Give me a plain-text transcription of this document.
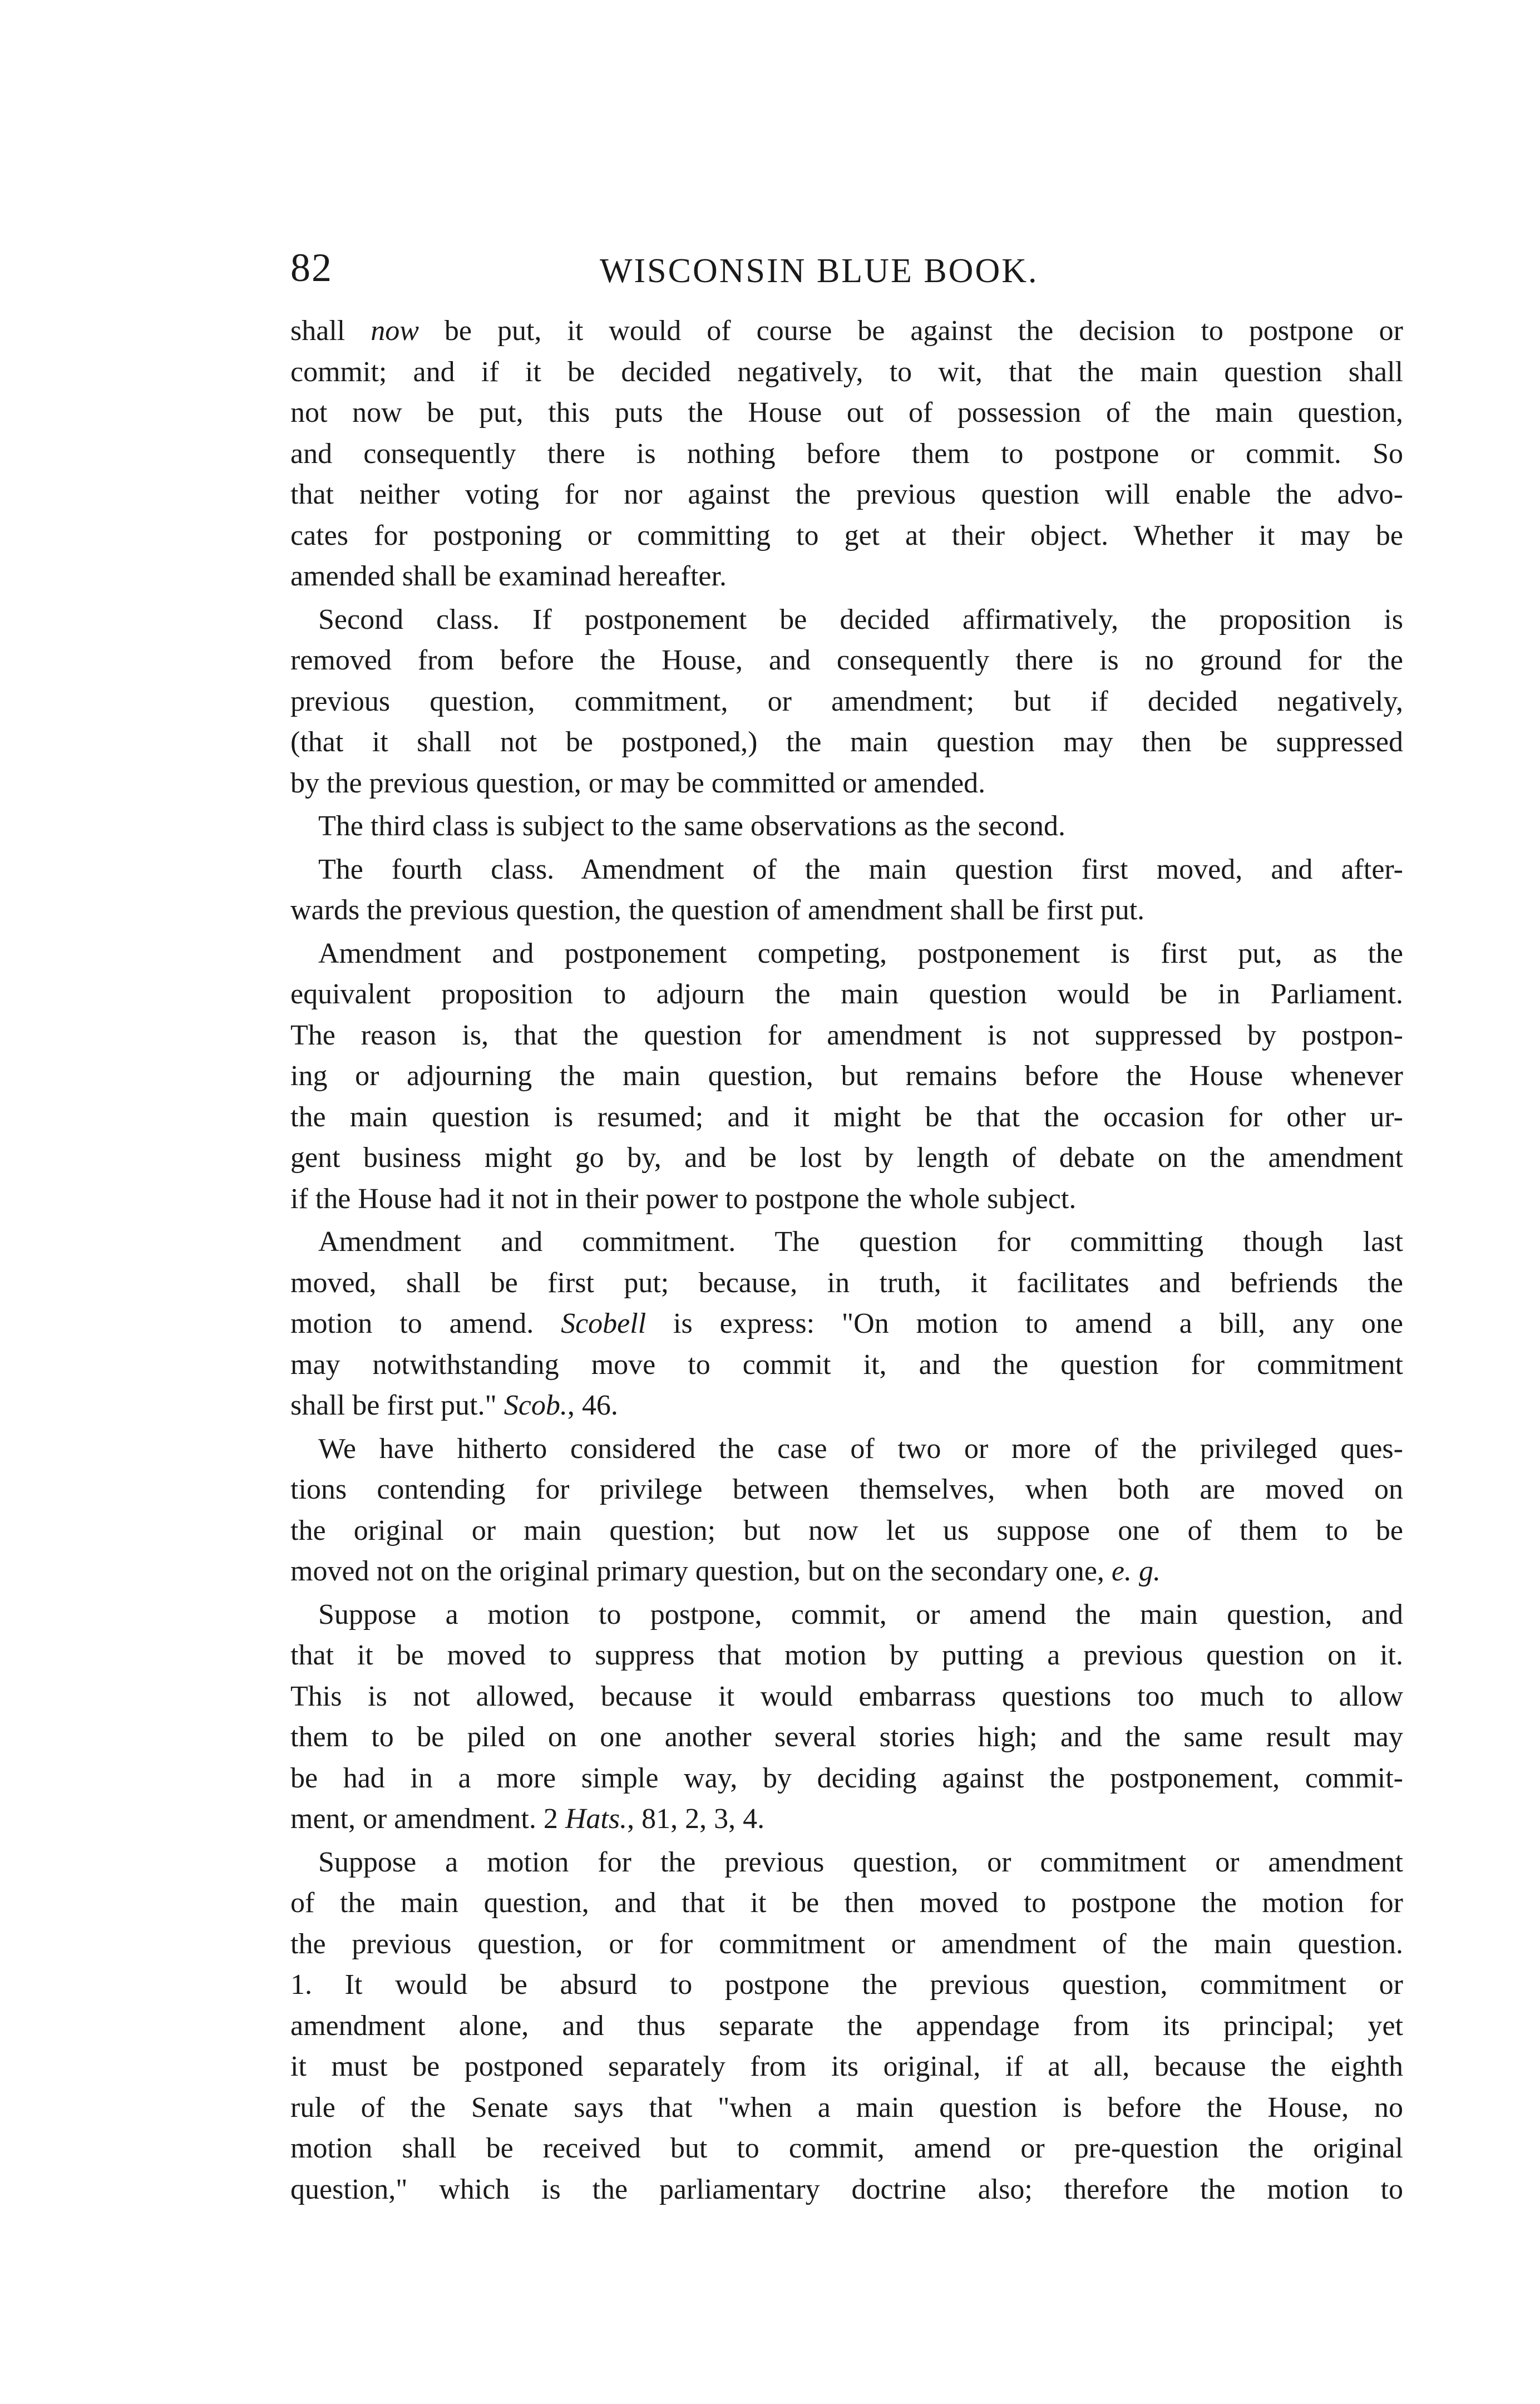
82	WISCONSIN BLUE BOOK.
shall now be put, it would of course be against the decision to postpone or
commit; and if it be decided negatively, to wit, that the main question shall
not now be put, this puts the House out of possession of the main question,
and consequently there is nothing before them to postpone or commit. So
that neither voting for nor against the previous question will enable the advo-
cates for postponing or committing to get at their object. Whether it may be
amended shall be examinad hereafter.
Second class. If postponement be decided affirmatively, the proposition is
removed from before the House, and consequently there is no ground for the
previous question, commitment, or amendment; but if decided negatively,
(that it shall not be postponed,) the main question may then be suppressed
by the previous question, or may be committed or amended.
The third class is subject to the same observations as the second.
The fourth class. Amendment of the main question first moved, and after-
wards the previous question, the question of amendment shall be first put.
Amendment and postponement competing, postponement is first put, as the
equivalent proposition to adjourn the main question would be in Parliament.
The reason is, that the question for amendment is not suppressed by postpon-
ing or adjourning the main question, but remains before the House whenever
the main question is resumed; and it might be that the occasion for other ur-
gent business might go by, and be lost by length of debate on the amendment
if the House had it not in their power to postpone the whole subject.
Amendment and commitment. The question for committing though last
moved, shall be first put; because, in truth, it facilitates and befriends the
motion to amend. Scobell is express: "On motion to amend a bill, any one
may notwithstanding move to commit it, and the question for commitment
shall be first put." Scob., 46.
We have hitherto considered the case of two or more of the privileged ques-
tions contending for privilege between themselves, when both are moved on
the original or main question; but now let us suppose one of them to be
moved not on the original primary question, but on the secondary one, e. g.
Suppose a motion to postpone, commit, or amend the main question, and
that it be moved to suppress that motion by putting a previous question on it.
This is not allowed, because it would embarrass questions too much to allow
them to be piled on one another several stories high; and the same result may
be had in a more simple way, by deciding against the postponement, commit-
ment, or amendment. 2 Hats., 81, 2, 3, 4.
Suppose a motion for the previous question, or commitment or amendment
of the main question, and that it be then moved to postpone the motion for
the previous question, or for commitment or amendment of the main question.
1. It would be absurd to postpone the previous question, commitment or
amendment alone, and thus separate the appendage from its principal; yet
it must be postponed separately from its original, if at all, because the eighth
rule of the Senate says that "when a main question is before the House, no
motion shall be received but to commit, amend or pre-question the original
question," which is the parliamentary doctrine also; therefore the motion to
